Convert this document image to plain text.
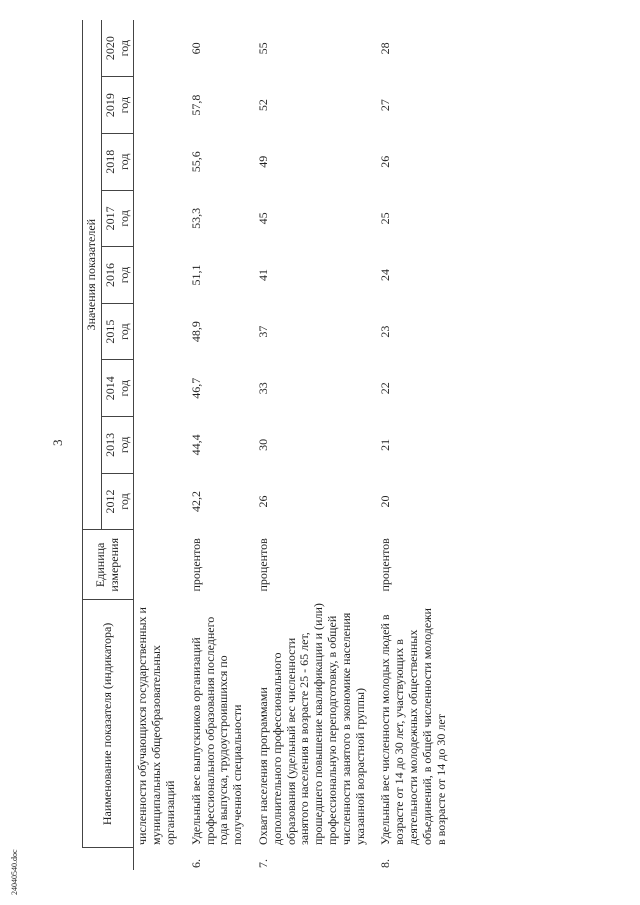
3
	Наименование показателя (индикатора)	Единица измерения	Значения показателей								

			2012 год	2013 год	2014 год	2015 год	2016 год	2017 год	2018 год	2019 год	2020 год

	численности обучающихся государственных и муниципальных общеобразовательных организаций										
6.	Удельный вес выпускников организаций профессионального образования последнего года выпуска, трудоустроившихся по полученной специальности	процентов	42,2	44,4	46,7	48,9	51,1	53,3	55,6	57,8	60
7.	Охват населения программами дополнительного профессионального образования (удельный вес численности занятого населения в возрасте 25 - 65 лет, прошедшего повышение квалификации и (или) профессиональную переподготовку, в общей численности занятого в экономике населения указанной возрастной группы)	процентов	26	30	33	37	41	45	49	52	55
8.	Удельный вес численности молодых людей в возрасте от 14 до 30 лет, участвующих в деятельности молодежных общественных объединений, в общей численности молодежи в возрасте от 14 до 30 лет	процентов	20	21	22	23	24	25	26	27	28
24040540.doc
